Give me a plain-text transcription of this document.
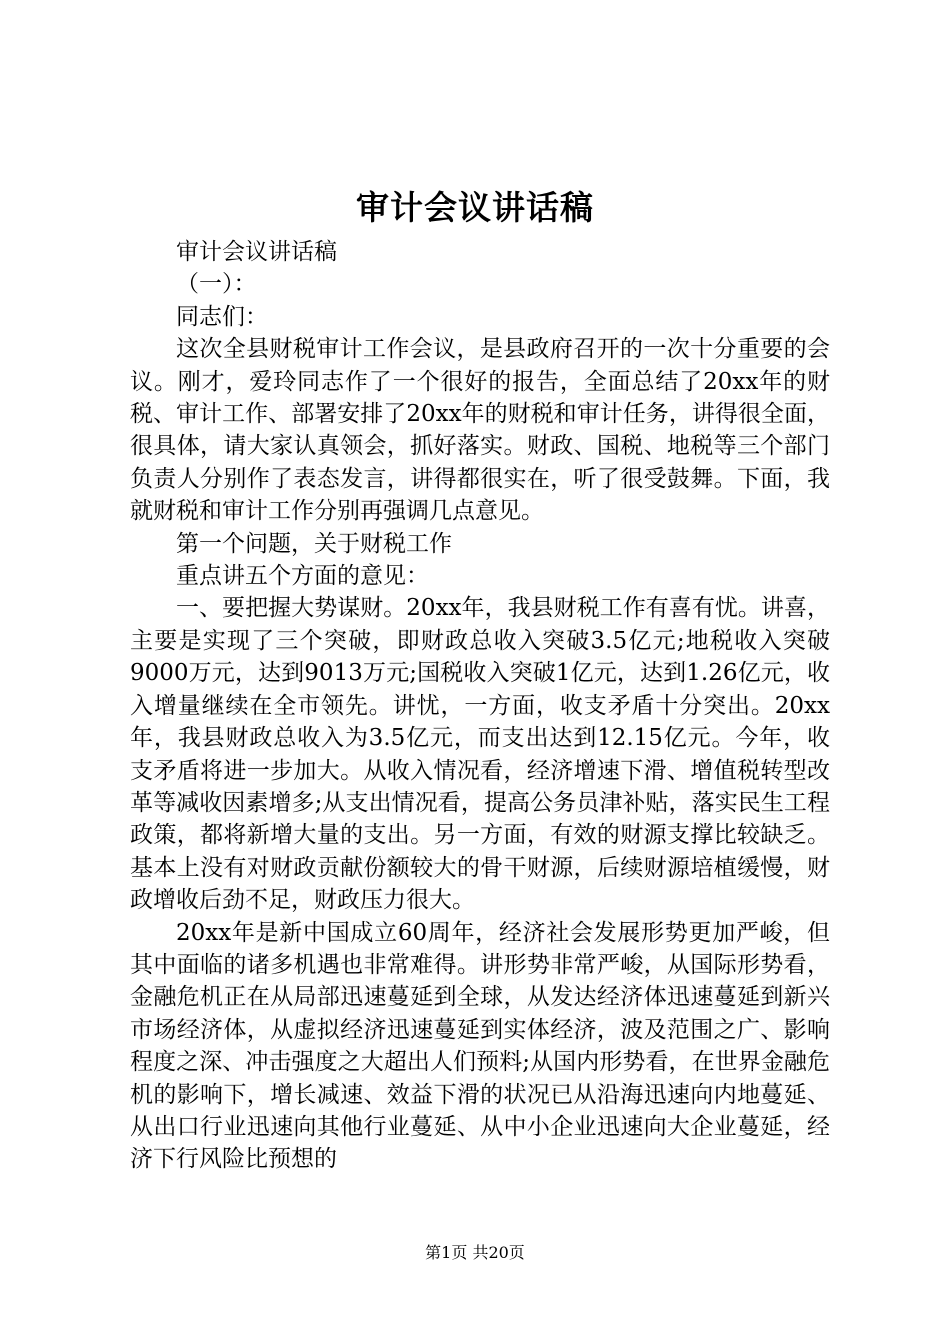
审计会议讲话稿

审计会议讲话稿

（一）：

同志们：

这次全县财税审计工作会议，是县政府召开的一次十分重要的会议。刚才，爱玲同志作了一个很好的报告，全面总结了20xx年的财税、审计工作、部署安排了20xx年的财税和审计任务，讲得很全面，很具体，请大家认真领会，抓好落实。财政、国税、地税等三个部门负责人分别作了表态发言，讲得都很实在，听了很受鼓舞。下面，我就财税和审计工作分别再强调几点意见。

第一个问题，关于财税工作

重点讲五个方面的意见：

一、要把握大势谋财。20xx年，我县财税工作有喜有忧。讲喜，主要是实现了三个突破，即财政总收入突破3.5亿元;地税收入突破9000万元，达到9013万元;国税收入突破1亿元，达到1.26亿元，收入增量继续在全市领先。讲忧，一方面，收支矛盾十分突出。20xx年，我县财政总收入为3.5亿元，而支出达到12.15亿元。今年，收支矛盾将进一步加大。从收入情况看，经济增速下滑、增值税转型改革等减收因素增多;从支出情况看，提高公务员津补贴，落实民生工程政策，都将新增大量的支出。另一方面，有效的财源支撑比较缺乏。基本上没有对财政贡献份额较大的骨干财源，后续财源培植缓慢，财政增收后劲不足，财政压力很大。

20xx年是新中国成立60周年，经济社会发展形势更加严峻，但其中面临的诸多机遇也非常难得。讲形势非常严峻，从国际形势看，金融危机正在从局部迅速蔓延到全球，从发达经济体迅速蔓延到新兴市场经济体，从虚拟经济迅速蔓延到实体经济，波及范围之广、影响程度之深、冲击强度之大超出人们预料;从国内形势看，在世界金融危机的影响下，增长减速、效益下滑的状况已从沿海迅速向内地蔓延、从出口行业迅速向其他行业蔓延、从中小企业迅速向大企业蔓延，经济下行风险比预想的

第1页 共20页
